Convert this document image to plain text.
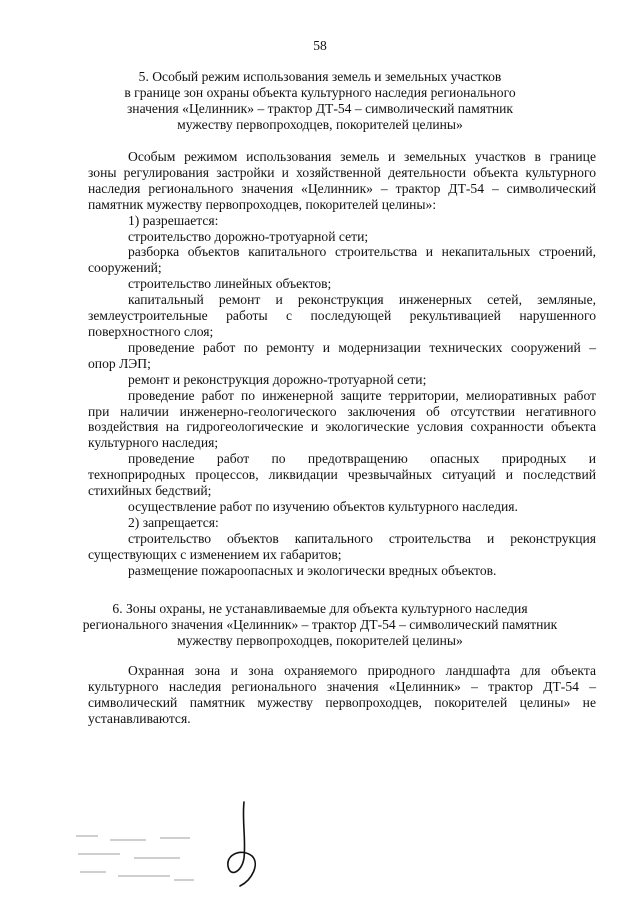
58
5. Особый режим использования земель и земельных участков
в границе зон охраны объекта культурного наследия регионального
значения «Целинник» – трактор ДТ-54 – символический памятник
мужеству первопроходцев, покорителей целины»
Особым режимом использования земель и земельных участков в границе
зоны регулирования застройки и хозяйственной деятельности объекта культурного
наследия регионального значения «Целинник» – трактор ДТ-54 – символический
памятник мужеству первопроходцев, покорителей целины»:
1) разрешается:
строительство дорожно-тротуарной сети;
разборка объектов капитального строительства и некапитальных строений,
сооружений;
строительство линейных объектов;
капитальный ремонт и реконструкция инженерных сетей, земляные,
землеустроительные работы с последующей рекультивацией нарушенного
поверхностного слоя;
проведение работ по ремонту и модернизации технических сооружений –
опор ЛЭП;
ремонт и реконструкция дорожно-тротуарной сети;
проведение работ по инженерной защите территории, мелиоративных работ
при наличии инженерно-геологического заключения об отсутствии негативного
воздействия на гидрогеологические и экологические условия сохранности объекта
культурного наследия;
проведение работ по предотвращению опасных природных и
техноприродных процессов, ликвидации чрезвычайных ситуаций и последствий
стихийных бедствий;
осуществление работ по изучению объектов культурного наследия.
2) запрещается:
строительство объектов капитального строительства и реконструкция
существующих с изменением их габаритов;
размещение пожароопасных и экологически вредных объектов.
6. Зоны охраны, не устанавливаемые для объекта культурного наследия
регионального значения «Целинник» – трактор ДТ-54 – символический памятник
мужеству первопроходцев, покорителей целины»
Охранная зона и зона охраняемого природного ландшафта для объекта
культурного наследия регионального значения «Целинник» – трактор ДТ-54 –
символический памятник мужеству первопроходцев, покорителей целины» не
устанавливаются.
